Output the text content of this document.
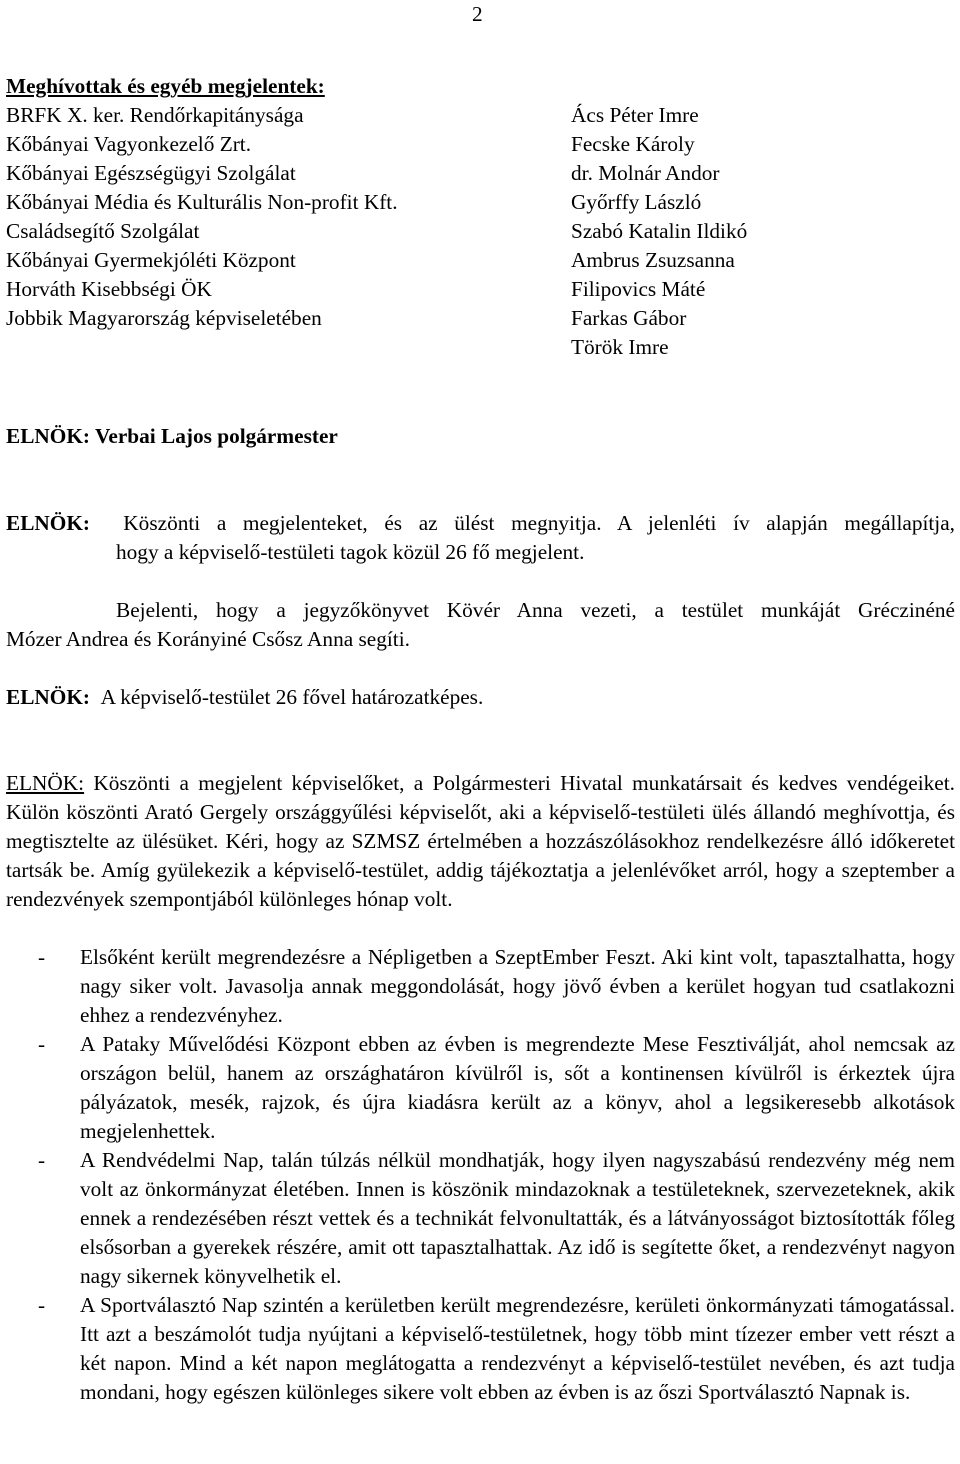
2
Meghívottak és egyéb megjelentek:
BRFK X. ker. Rendőrkapitánysága
Kőbányai Vagyonkezelő Zrt.
Kőbányai Egészségügyi Szolgálat
Kőbányai Média és Kulturális Non-profit Kft.
Családsegítő Szolgálat
Kőbányai Gyermekjóléti Központ
Horváth Kisebbségi ÖK
Jobbik Magyarország képviseletében
Ács Péter Imre
Fecske Károly
dr. Molnár Andor
Győrffy László
Szabó Katalin Ildikó
Ambrus Zsuzsanna
Filipovics Máté
Farkas Gábor
Török Imre
ELNÖK: Verbai Lajos polgármester

ELNÖK: Köszönti a megjelenteket, és az ülést megnyitja. A jelenléti ív alapján megállapítja,

hogy a képviselő-testületi tagok közül 26 fő megjelent.

Bejelenti, hogy a jegyzőkönyvet Kövér Anna vezeti, a testület munkáját Gréczinéné

Mózer Andrea és Korányiné Csősz Anna segíti.

ELNÖK: A képviselő-testület 26 fővel határozatképes.

ELNÖK: Köszönti a megjelent képviselőket, a Polgármesteri Hivatal munkatársait és kedves vendégeiket. Külön köszönti Arató Gergely országgyűlési képviselőt, aki a képviselő-testületi ülés állandó meghívottja, és megtisztelte az ülésüket. Kéri, hogy az SZMSZ értelmében a hozzászólásokhoz rendelkezésre álló időkeretet tartsák be. Amíg gyülekezik a képviselő-testület, addig tájékoztatja a jelenlévőket arról, hogy a szeptember a rendezvények szempontjából különleges hónap volt.

- Elsőként került megrendezésre a Népligetben a SzeptEmber Feszt. Aki kint volt, tapasztalhatta, hogy nagy siker volt. Javasolja annak meggondolását, hogy jövő évben a kerület hogyan tud csatlakozni ehhez a rendezvényhez.
- A Pataky Művelődési Központ ebben az évben is megrendezte Mese Fesztiválját, ahol nemcsak az országon belül, hanem az országhatáron kívülről is, sőt a kontinensen kívülről is érkeztek újra pályázatok, mesék, rajzok, és újra kiadásra került az a könyv, ahol a legsikeresebb alkotások megjelenhettek.
- A Rendvédelmi Nap, talán túlzás nélkül mondhatják, hogy ilyen nagyszabású rendezvény még nem volt az önkormányzat életében. Innen is köszönik mindazoknak a testületeknek, szervezeteknek, akik ennek a rendezésében részt vettek és a technikát felvonultatták, és a látványosságot biztosították főleg elsősorban a gyerekek részére, amit ott tapasztalhattak. Az idő is segítette őket, a rendezvényt nagyon nagy sikernek könyvelhetik el.
- A Sportválasztó Nap szintén a kerületben került megrendezésre, kerületi önkormányzati támogatással. Itt azt a beszámolót tudja nyújtani a képviselő-testületnek, hogy több mint tízezer ember vett részt a két napon. Mind a két napon meglátogatta a rendezvényt a képviselő-testület nevében, és azt tudja mondani, hogy egészen különleges sikere volt ebben az évben is az őszi Sportválasztó Napnak is.
